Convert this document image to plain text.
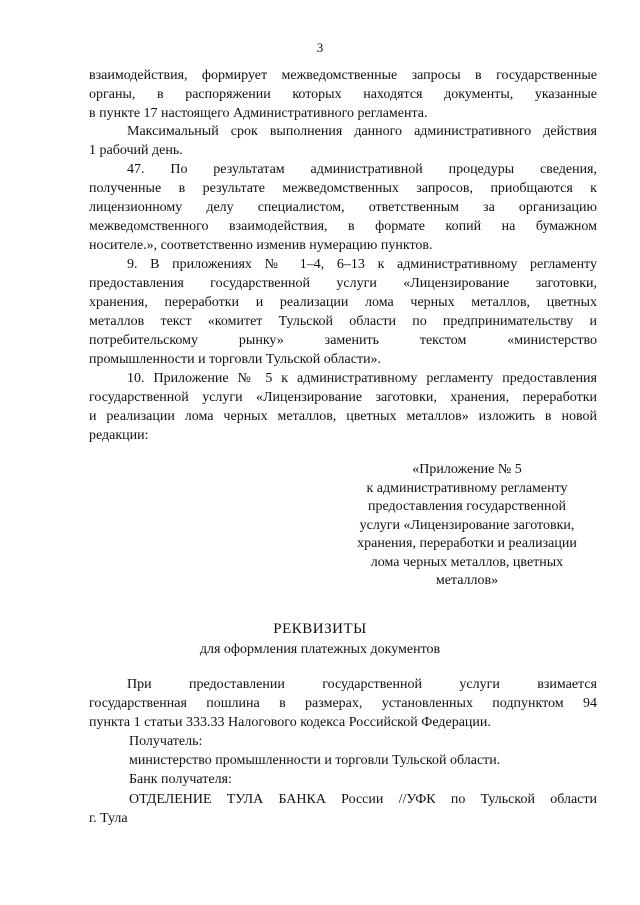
3
взаимодействия, формирует межведомственные запросы в государственные
органы, в распоряжении которых находятся документы, указанные
в пункте 17 настоящего Административного регламента.
Максимальный срок выполнения данного административного действия
1 рабочий день.
47. По результатам административной процедуры сведения,
полученные в результате межведомственных запросов, приобщаются к
лицензионному делу специалистом, ответственным за организацию
межведомственного взаимодействия, в формате копий на бумажном
носителе.», соответственно изменив нумерацию пунктов.
9. В приложениях № 1–4, 6–13 к административному регламенту
предоставления государственной услуги «Лицензирование заготовки,
хранения, переработки и реализации лома черных металлов, цветных
металлов текст «комитет Тульской области по предпринимательству и
потребительскому рынку» заменить текстом «министерство
промышленности и торговли Тульской области».
10. Приложение № 5 к административному регламенту предоставления
государственной услуги «Лицензирование заготовки, хранения, переработки
и реализации лома черных металлов, цветных металлов» изложить в новой
редакции:
«Приложение № 5
к административному регламенту
предоставления государственной
услуги «Лицензирование заготовки,
хранения, переработки и реализации
лома черных металлов, цветных
металлов»
РЕКВИЗИТЫ
для оформления платежных документов
При предоставлении государственной услуги взимается
государственная пошлина в размерах, установленных подпунктом 94
пункта 1 статьи 333.33 Налогового кодекса Российской Федерации.
Получатель:
министерство промышленности и торговли Тульской области.
Банк получателя:
ОТДЕЛЕНИЕ ТУЛА БАНКА России //УФК по Тульской области
г. Тула
